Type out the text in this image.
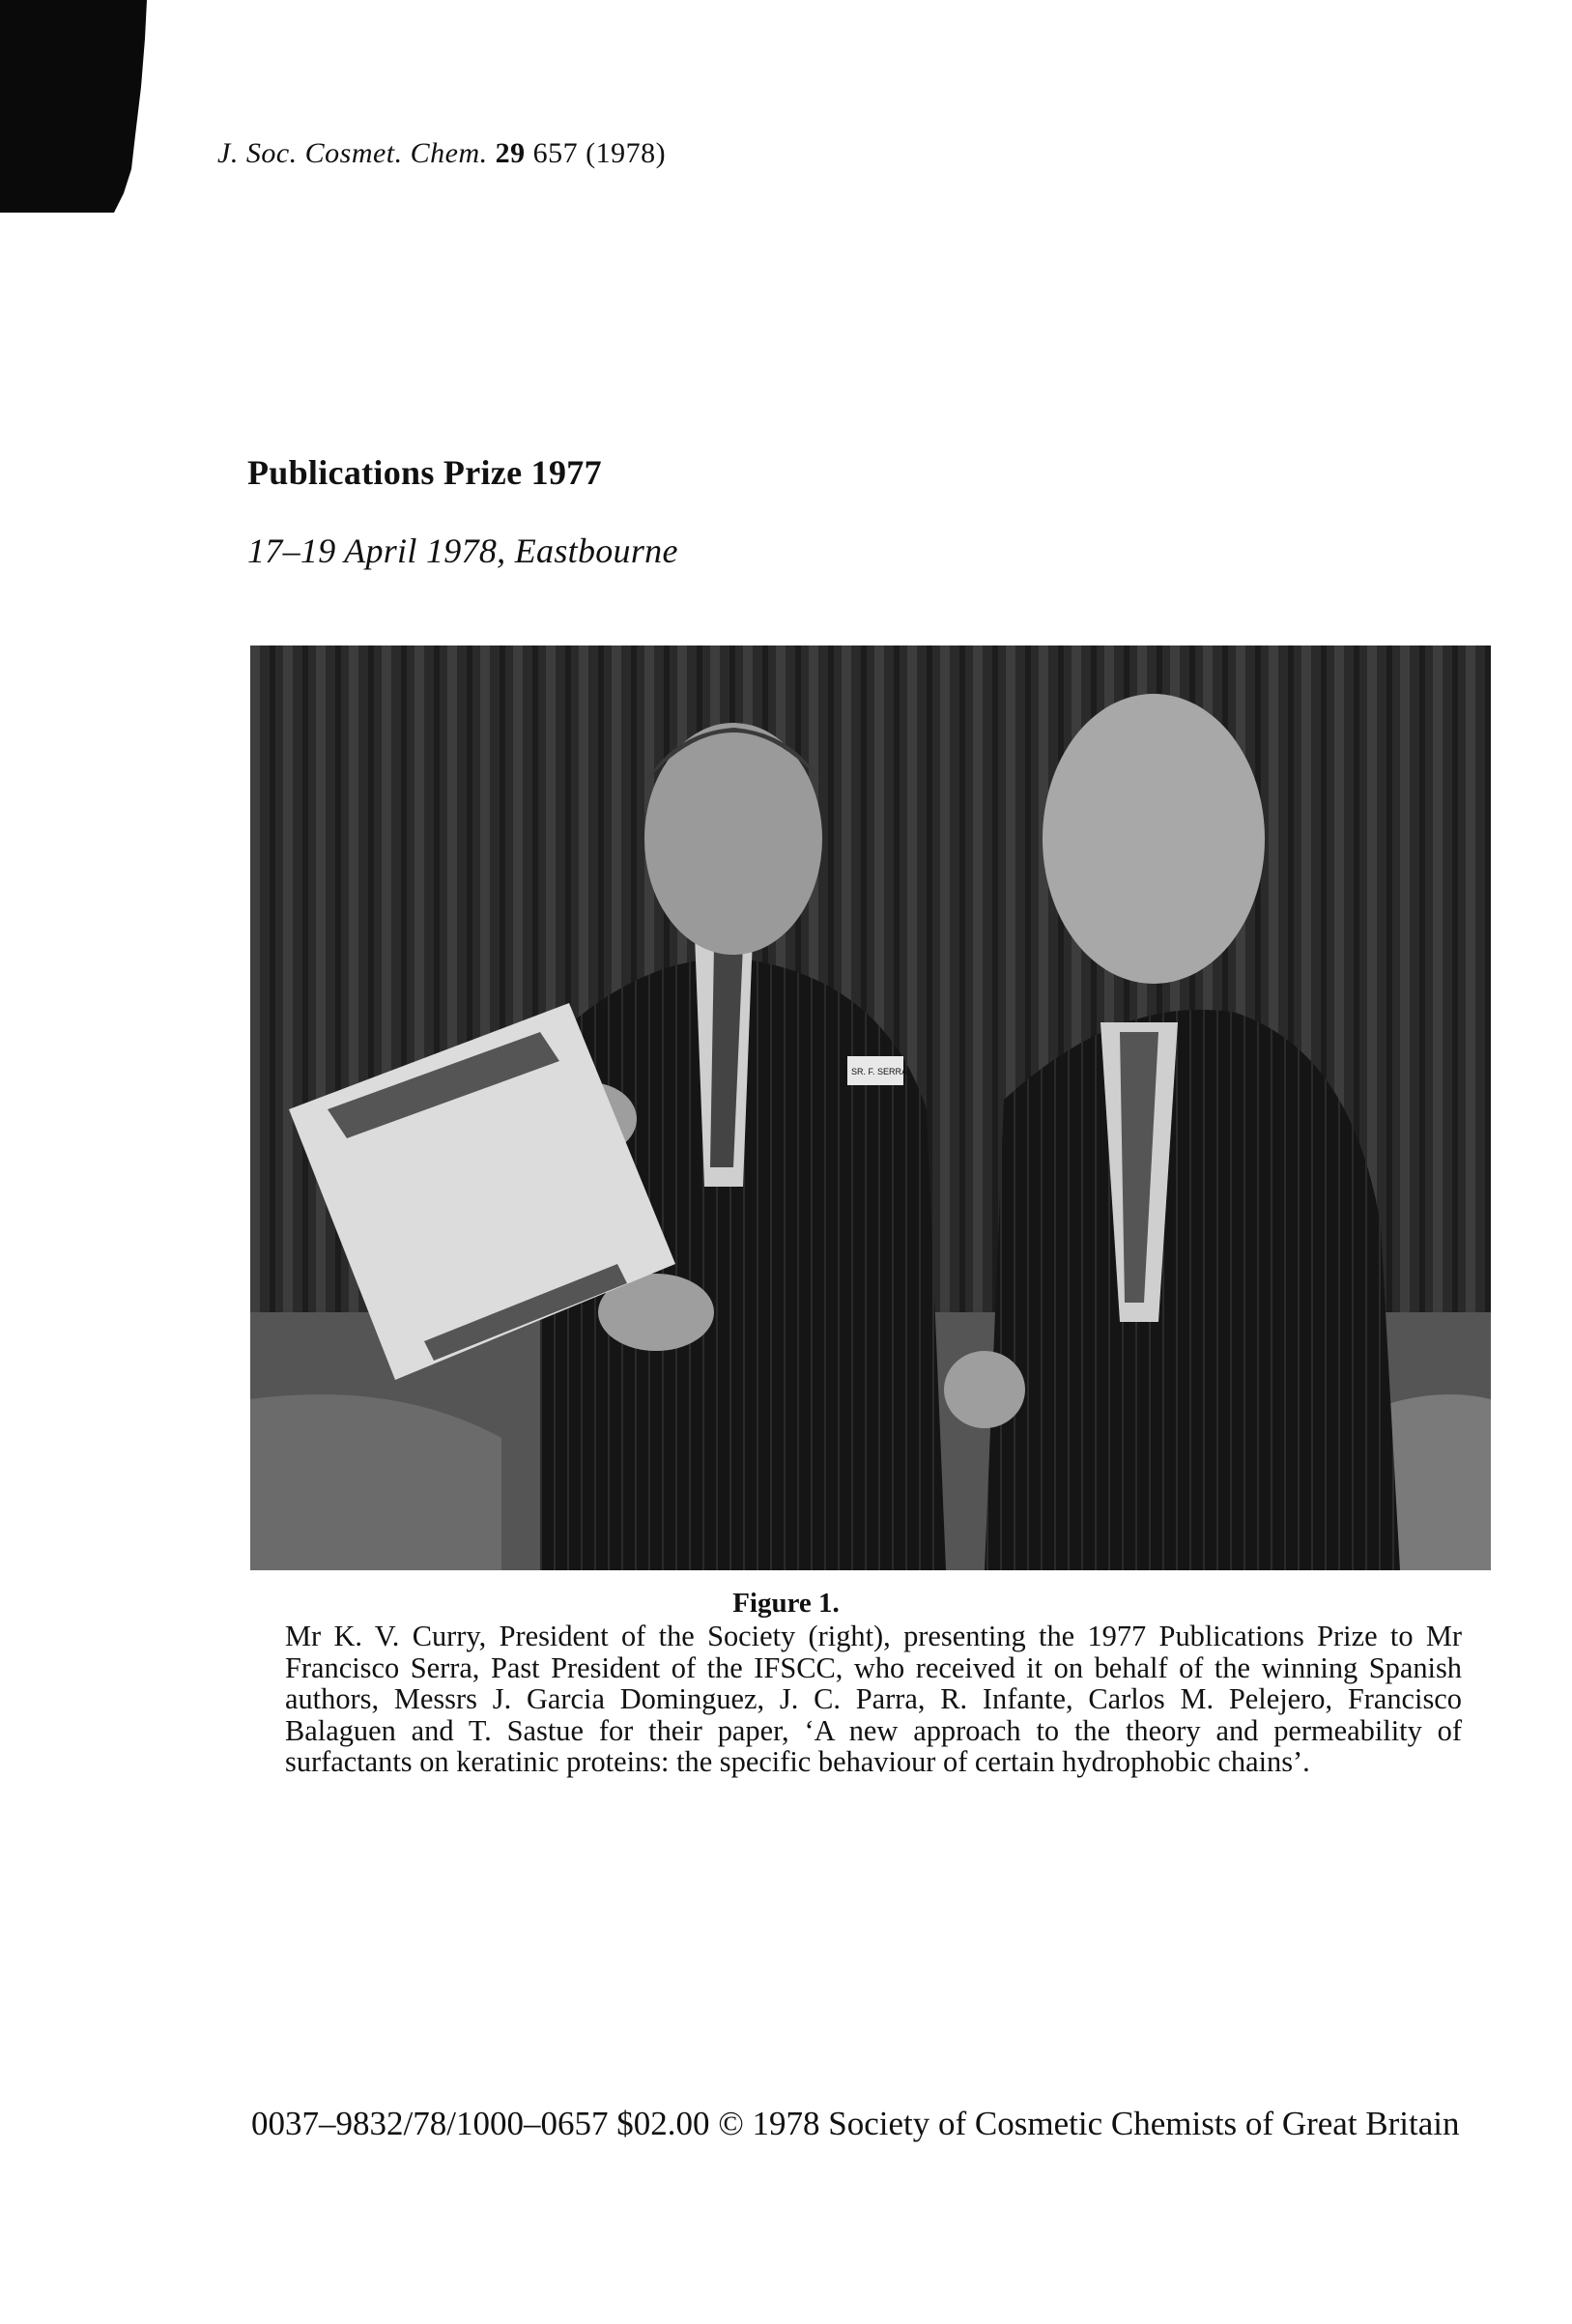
J. Soc. Cosmet. Chem. 29 657 (1978)
Publications Prize 1977
17–19 April 1978, Eastbourne
SR. F. SERRA
Figure 1.
Mr K. V. Curry, President of the Society (right), presenting the 1977 Publications Prize to Mr Francisco Serra, Past President of the IFSCC, who received it on behalf of the winning Spanish authors, Messrs J. Garcia Dominguez, J. C. Parra, R. Infante, Carlos M. Pelejero, Francisco Balaguen and T. Sastue for their paper, ‘A new approach to the theory and permeability of surfactants on keratinic proteins: the specific behaviour of certain hydrophobic chains’.
0037–9832/78/1000–0657 $02.00 © 1978 Society of Cosmetic Chemists of Great Britain
